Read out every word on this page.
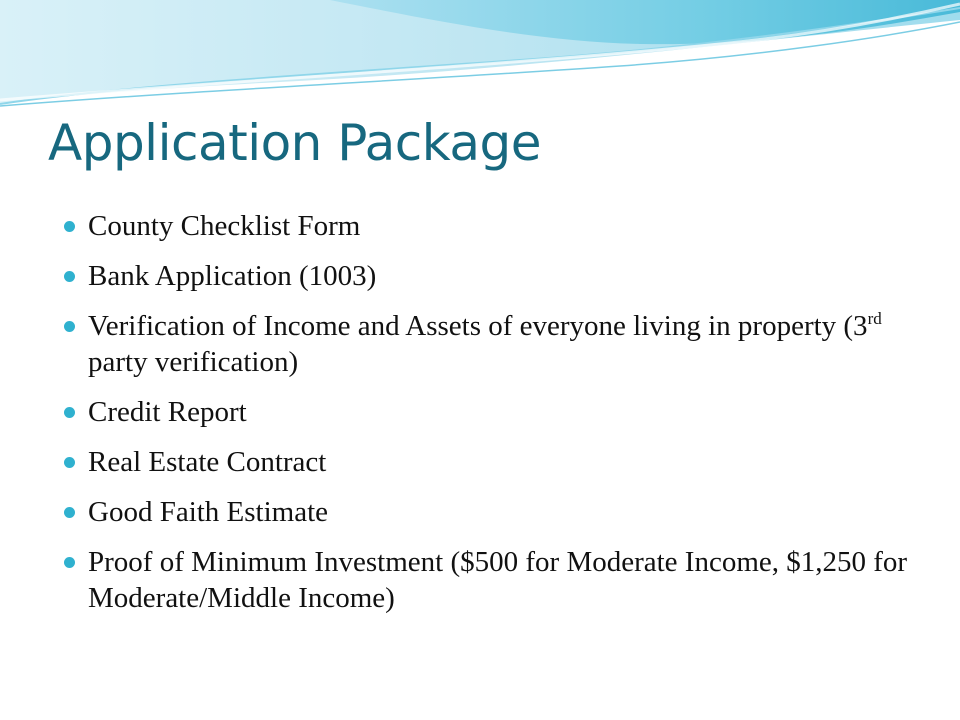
Application Package
County Checklist Form
Bank Application (1003)
Verification of Income and Assets of everyone living in property (3rd party verification)
Credit Report
Real Estate Contract
Good Faith Estimate
Proof of Minimum Investment ($500 for Moderate Income, $1,250 for Moderate/Middle Income)
